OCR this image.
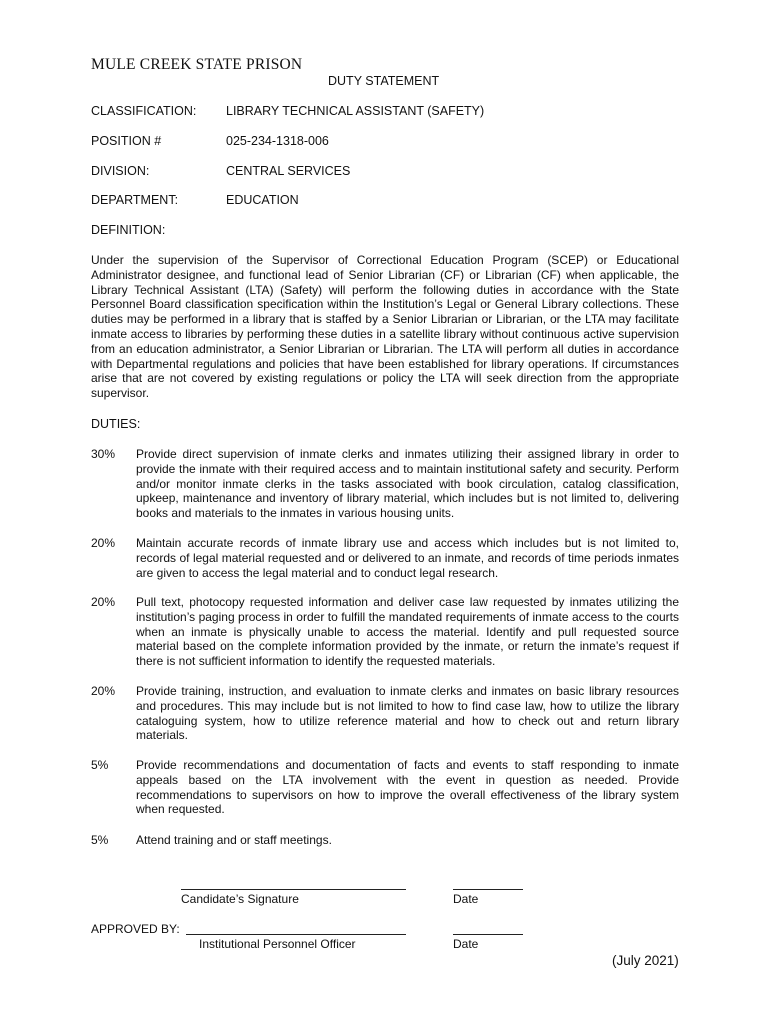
MULE CREEK STATE PRISON
DUTY STATEMENT
CLASSIFICATION: LIBRARY TECHNICAL ASSISTANT (SAFETY)
POSITION #	025-234-1318-006
DIVISION:	CENTRAL SERVICES
DEPARTMENT:	EDUCATION
DEFINITION:
Under the supervision of the Supervisor of Correctional Education Program (SCEP) or Educational Administrator designee, and functional lead of Senior Librarian (CF) or Librarian (CF) when applicable, the Library Technical Assistant (LTA) (Safety) will perform the following duties in accordance with the State Personnel Board classification specification within the Institution’s Legal or General Library collections. These duties may be performed in a library that is staffed by a Senior Librarian or Librarian, or the LTA may facilitate inmate access to libraries by performing these duties in a satellite library without continuous active supervision from an education administrator, a Senior Librarian or Librarian. The LTA will perform all duties in accordance with Departmental regulations and policies that have been established for library operations. If circumstances arise that are not covered by existing regulations or policy the LTA will seek direction from the appropriate supervisor.
DUTIES:
30% Provide direct supervision of inmate clerks and inmates utilizing their assigned library in order to provide the inmate with their required access and to maintain institutional safety and security. Perform and/or monitor inmate clerks in the tasks associated with book circulation, catalog classification, upkeep, maintenance and inventory of library material, which includes but is not limited to, delivering books and materials to the inmates in various housing units.
20% Maintain accurate records of inmate library use and access which includes but is not limited to, records of legal material requested and or delivered to an inmate, and records of time periods inmates are given to access the legal material and to conduct legal research.
20% Pull text, photocopy requested information and deliver case law requested by inmates utilizing the institution’s paging process in order to fulfill the mandated requirements of inmate access to the courts when an inmate is physically unable to access the material. Identify and pull requested source material based on the complete information provided by the inmate, or return the inmate’s request if there is not sufficient information to identify the requested materials.
20% Provide training, instruction, and evaluation to inmate clerks and inmates on basic library resources and procedures. This may include but is not limited to how to find case law, how to utilize the library cataloguing system, how to utilize reference material and how to check out and return library materials.
5% Provide recommendations and documentation of facts and events to staff responding to inmate appeals based on the LTA involvement with the event in question as needed. Provide recommendations to supervisors on how to improve the overall effectiveness of the library system when requested.
5% Attend training and or staff meetings.
Candidate’s Signature	Date
APPROVED BY:
Institutional Personnel Officer	Date
(July 2021)
